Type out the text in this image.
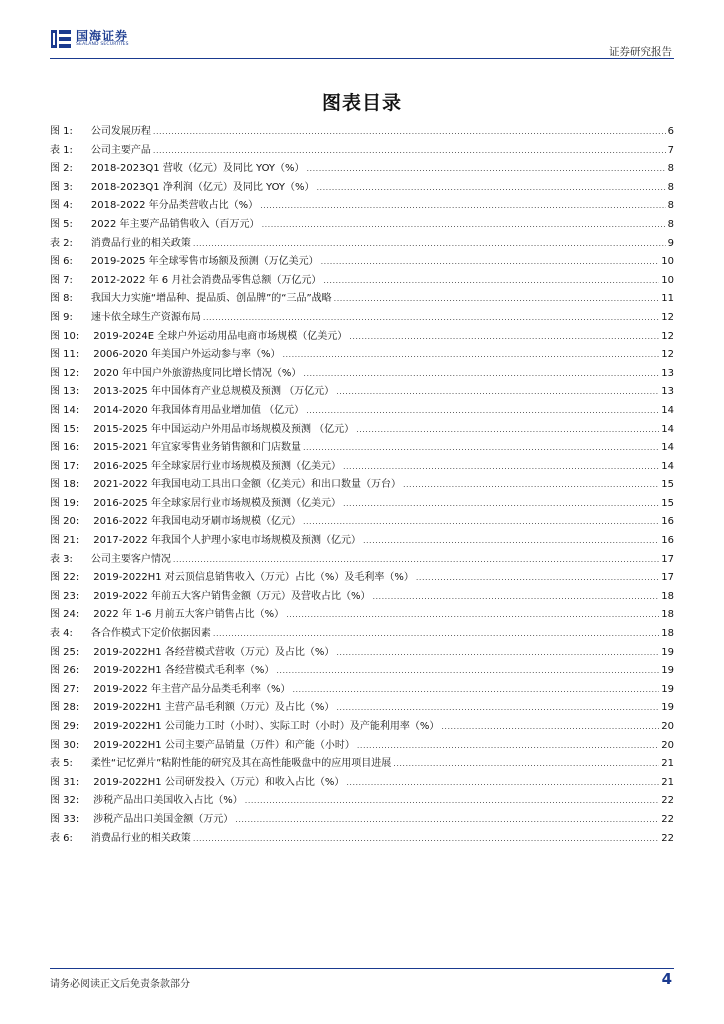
国海证券
SEALAND SECURITIES
证券研究报告
图表目录
图 1: 公司发展历程 .....	6
表 1: 公司主要产品 .....	7
图 2: 2018-2023Q1 营收（亿元）及同比 YOY（%） .....	8
图 3: 2018-2023Q1 净利润（亿元）及同比 YOY（%） .....	8
图 4: 2018-2022 年分品类营收占比（%） .....	8
图 5: 2022 年主要产品销售收入（百万元） .....	8
表 2: 消费品行业的相关政策 .....	9
图 6: 2019-2025 年全球零售市场额及预测（万亿美元） .....	10
图 7: 2012-2022 年 6 月社会消费品零售总额（万亿元） .....	10
图 8: 我国大力实施“增品种、提品质、创品牌”的“三品”战略 .....	11
图 9: 速卡依全球生产资源布局 .....	12
图 10: 2019-2024E 全球户外运动用品电商市场规模（亿美元） .....	12
图 11: 2006-2020 年美国户外运动参与率（%） .....	12
图 12: 2020 年中国户外旅游热度同比增长情况（%） .....	13
图 13: 2013-2025 年中国体育产业总规模及预测 （万亿元） .....	13
图 14: 2014-2020 年我国体育用品业增加值 （亿元） .....	14
图 15: 2015-2025 年中国运动户外用品市场规模及预测 （亿元） .....	14
图 16: 2015-2021 年宜家零售业务销售额和门店数量 .....	14
图 17: 2016-2025 年全球家居行业市场规模及预测（亿美元） .....	14
图 18: 2021-2022 年我国电动工具出口金额（亿美元）和出口数量（万台） .....	15
图 19: 2016-2025 年全球家居行业市场规模及预测（亿美元） .....	15
图 20: 2016-2022 年我国电动牙刷市场规模（亿元） .....	16
图 21: 2017-2022 年我国个人护理小家电市场规模及预测（亿元） .....	16
表 3: 公司主要客户情况 .....	17
图 22: 2019-2022H1 对云顶信息销售收入（万元）占比（%）及毛利率（%） .....	17
图 23: 2019-2022 年前五大客户销售金额（万元）及营收占比（%） .....	18
图 24: 2022 年 1-6 月前五大客户销售占比（%） .....	18
表 4: 各合作模式下定价依据因素 .....	18
图 25: 2019-2022H1 各经营模式营收（万元）及占比（%） .....	19
图 26: 2019-2022H1 各经营模式毛利率（%） .....	19
图 27: 2019-2022 年主营产品分品类毛利率（%） .....	19
图 28: 2019-2022H1 主营产品毛利额（万元）及占比（%） .....	19
图 29: 2019-2022H1 公司能力工时（小时）、实际工时（小时）及产能利用率（%） .....	20
图 30: 2019-2022H1 公司主要产品销量（万件）和产能（小时） .....	20
表 5: 柔性“记忆弹片”粘附性能的研究及其在高性能吸盘中的应用项目进展 .....	21
图 31: 2019-2022H1 公司研发投入（万元）和收入占比（%） .....	21
图 32: 涉税产品出口美国收入占比（%） .....	22
图 33: 涉税产品出口美国金额（万元） .....	22
表 6: 消费品行业的相关政策 .....	22
请务必阅读正文后免责条款部分	4
